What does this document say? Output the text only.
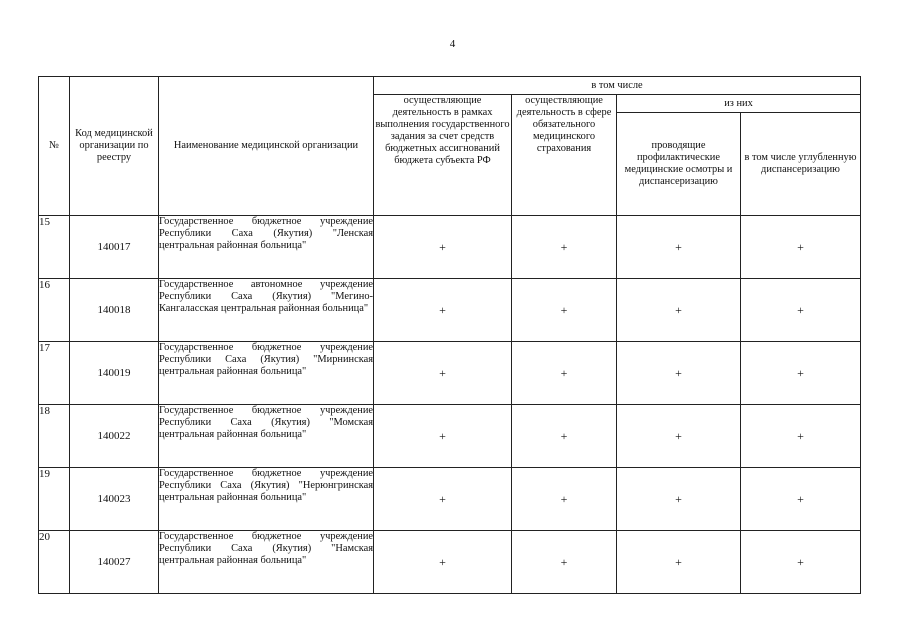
4
№	Код медицинской организации по реестру	Наименование медицинской организации	в том числе			
			осуществляющие деятельность в рамках выполнения государственного задания за счет средств бюджетных ассигнований бюджета субъекта РФ	осуществляющие деятельность в сфере обязательного медицинского страхования	из них	
					проводящие профилактические медицинские осмотры и диспансеризацию	в том числе углубленную диспансеризацию
15	140017	Государственное бюджетное учреждение Республики Саха (Якутия) "Ленская центральная районная больница"	+	+	+	+
16	140018	Государственное автономное учреждение Республики Саха (Якутия) "Мегино-Кангаласская центральная районная больница"	+	+	+	+
17	140019	Государственное бюджетное учреждение Республики Саха (Якутия) "Мирнинская центральная районная больница"	+	+	+	+
18	140022	Государственное бюджетное учреждение Республики Саха (Якутия) "Момская центральная районная больница"	+	+	+	+
19	140023	Государственное бюджетное учреждение Республики Саха (Якутия) "Нерюнгринская центральная районная больница"	+	+	+	+
20	140027	Государственное бюджетное учреждение Республики Саха (Якутия) "Намская центральная районная больница"	+	+	+	+
